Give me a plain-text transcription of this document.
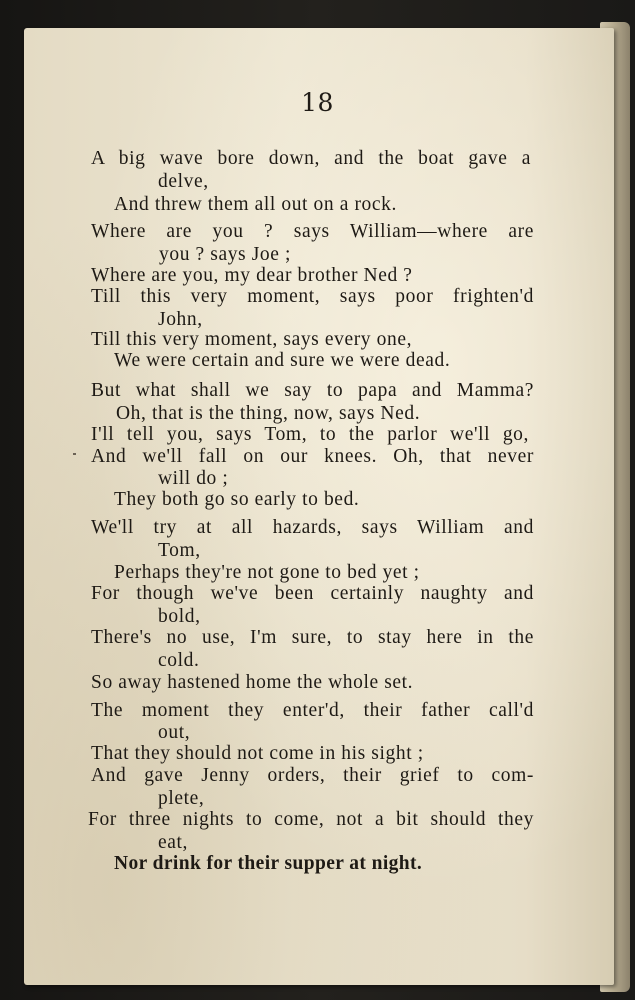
18
A big wave bore down, and the boat gave a
delve,
And threw them all out on a rock.
Where are you ? says William—where are
you ? says Joe ;
Where are you, my dear brother Ned ?
Till this very moment, says poor frighten'd
John,
Till this very moment, says every one,
We were certain and sure we were dead.
But what shall we say to papa and Mamma?
Oh, that is the thing, now, says Ned.
I'll tell you, says Tom, to the parlor we'll go,
And we'll fall on our knees. Oh, that never
will do ;
They both go so early to bed.
We'll try at all hazards, says William and
Tom,
Perhaps they're not gone to bed yet ;
For though we've been certainly naughty and
bold,
There's no use, I'm sure, to stay here in the
cold.
So away hastened home the whole set.
The moment they enter'd, their father call'd
out,
That they should not come in his sight ;
And gave Jenny orders, their grief to com-
plete,
For three nights to come, not a bit should they
eat,
Nor drink for their supper at night.
